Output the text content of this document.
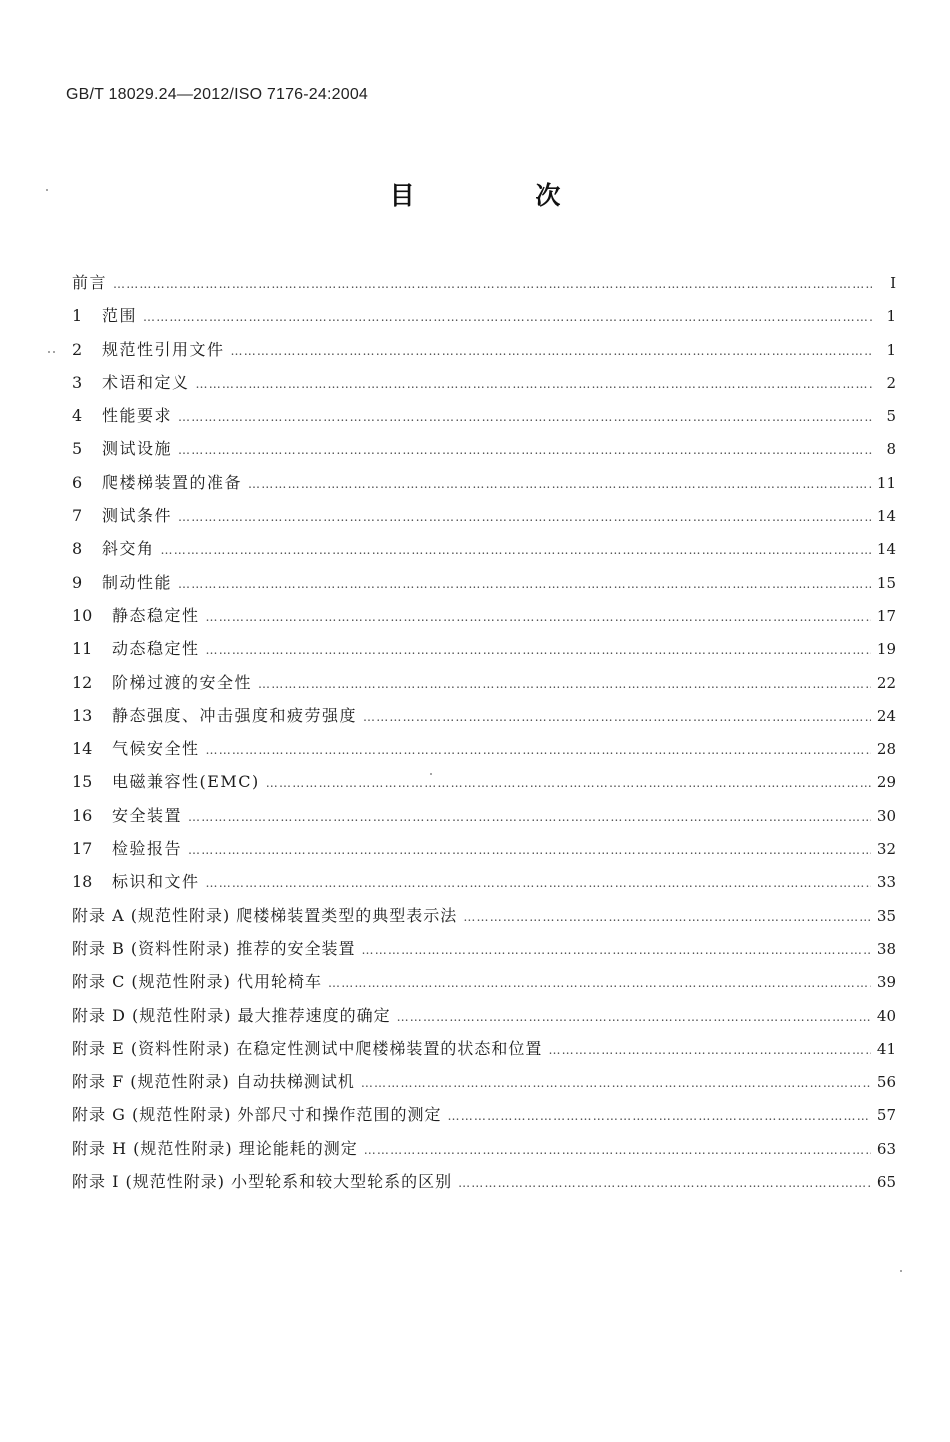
GB/T 18029.24—2012/ISO 7176-24:2004
目 次
前言 ……………………………………………………………………………………………………………………………………………………………………………………………………	Ⅰ
1	范围 ……………………………………………………………………………………………………………………………………………………………………………………………………	1
2	规范性引用文件 ……………………………………………………………………………………………………………………………………………………………………………………………………	1
3	术语和定义 ……………………………………………………………………………………………………………………………………………………………………………………………………	2
4	性能要求 ……………………………………………………………………………………………………………………………………………………………………………………………………	5
5	测试设施 ……………………………………………………………………………………………………………………………………………………………………………………………………	8
6	爬楼梯装置的准备 ……………………………………………………………………………………………………………………………………………………………………………………………………	11
7	测试条件 ……………………………………………………………………………………………………………………………………………………………………………………………………	14
8	斜交角 ……………………………………………………………………………………………………………………………………………………………………………………………………	14
9	制动性能 ……………………………………………………………………………………………………………………………………………………………………………………………………	15
10	静态稳定性 ……………………………………………………………………………………………………………………………………………………………………………………………………	17
11	动态稳定性 ……………………………………………………………………………………………………………………………………………………………………………………………………	19
12	阶梯过渡的安全性 ……………………………………………………………………………………………………………………………………………………………………………………………………	22
13	静态强度、冲击强度和疲劳强度 ……………………………………………………………………………………………………………………………………………………………………………………………………	24
14	气候安全性 ……………………………………………………………………………………………………………………………………………………………………………………………………	28
15	电磁兼容性(EMC) ……………………………………………………………………………………………………………………………………………………………………………………………………	29
16	安全装置 ……………………………………………………………………………………………………………………………………………………………………………………………………	30
17	检验报告 ……………………………………………………………………………………………………………………………………………………………………………………………………	32
18	标识和文件 ……………………………………………………………………………………………………………………………………………………………………………………………………	33
附录 A (规范性附录) 爬楼梯装置类型的典型表示法 ……………………………………………………………………………………………………………………………………………………………………………………………………	35
附录 B (资料性附录) 推荐的安全装置 ……………………………………………………………………………………………………………………………………………………………………………………………………	38
附录 C (规范性附录) 代用轮椅车 ……………………………………………………………………………………………………………………………………………………………………………………………………	39
附录 D (规范性附录) 最大推荐速度的确定 ……………………………………………………………………………………………………………………………………………………………………………………………………	40
附录 E (资料性附录) 在稳定性测试中爬楼梯装置的状态和位置 ……………………………………………………………………………………………………………………………………………………………………………………………………	41
附录 F (规范性附录) 自动扶梯测试机 ……………………………………………………………………………………………………………………………………………………………………………………………………	56
附录 G (规范性附录) 外部尺寸和操作范围的测定 ……………………………………………………………………………………………………………………………………………………………………………………………………	57
附录 H (规范性附录) 理论能耗的测定 ……………………………………………………………………………………………………………………………………………………………………………………………………	63
附录 I (规范性附录) 小型轮系和较大型轮系的区别 ……………………………………………………………………………………………………………………………………………………………………………………………………	65
